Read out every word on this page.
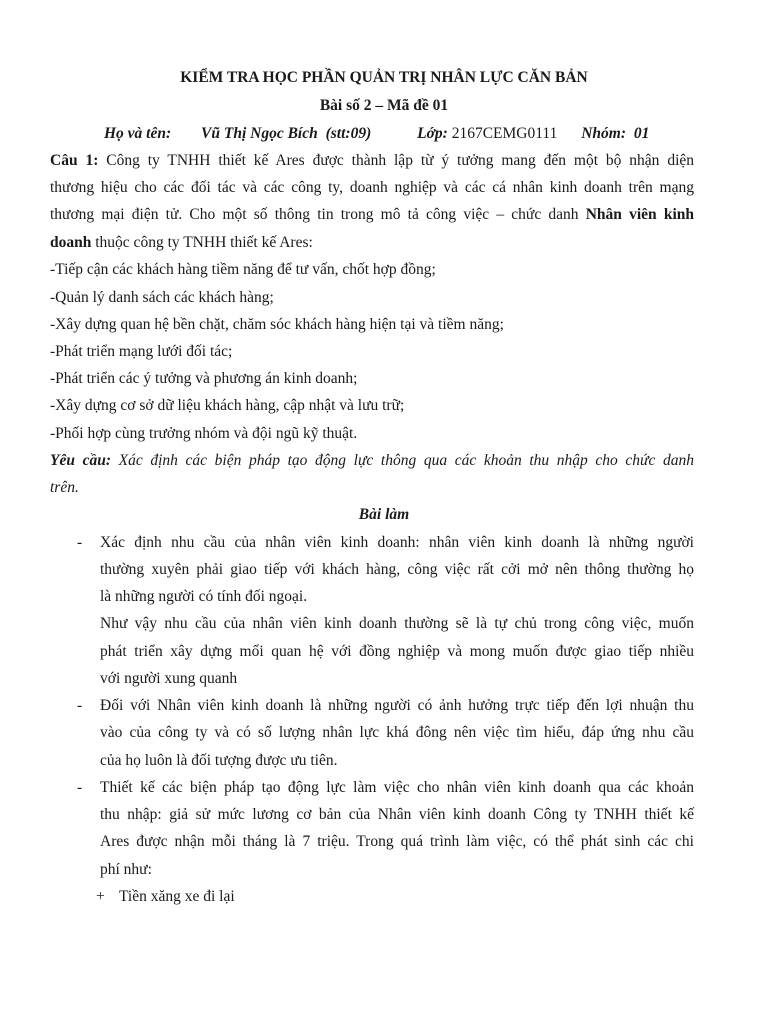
KIỂM TRA HỌC PHẦN QUẢN TRỊ NHÂN LỰC CĂN BẢN
Bài số 2 – Mã đề 01
Họ và tên: Vũ Thị Ngọc Bích (stt:09)	Lớp: 2167CEMG0111 Nhóm: 01
Câu 1: Công ty TNHH thiết kế Ares được thành lập từ ý tưởng mang đến một bộ nhận diện
thương hiệu cho các đối tác và các công ty, doanh nghiệp và các cá nhân kinh doanh trên mạng
thương mại điện tử. Cho một số thông tin trong mô tả công việc – chức danh Nhân viên kinh
doanh thuộc công ty TNHH thiết kế Ares:
-Tiếp cận các khách hàng tiềm năng để tư vấn, chốt hợp đồng;
-Quản lý danh sách các khách hàng;
-Xây dựng quan hệ bền chặt, chăm sóc khách hàng hiện tại và tiềm năng;
-Phát triển mạng lưới đối tác;
-Phát triển các ý tưởng và phương án kinh doanh;
-Xây dựng cơ sở dữ liệu khách hàng, cập nhật và lưu trữ;
-Phối hợp cùng trưởng nhóm và đội ngũ kỹ thuật.
Yêu cầu: Xác định các biện pháp tạo động lực thông qua các khoản thu nhập cho chức danh
trên.
Bài làm
- Xác định nhu cầu của nhân viên kinh doanh: nhân viên kinh doanh là những người
thường xuyên phải giao tiếp với khách hàng, công việc rất cởi mở nên thông thường họ
là những người có tính đối ngoại.
Như vậy nhu cầu của nhân viên kinh doanh thường sẽ là tự chủ trong công việc, muốn
phát triển xây dựng mối quan hệ với đồng nghiệp và mong muốn được giao tiếp nhiều
với người xung quanh
- Đối với Nhân viên kinh doanh là những người có ảnh hưởng trực tiếp đến lợi nhuận thu
vào của công ty và có số lượng nhân lực khá đông nên việc tìm hiểu, đáp ứng nhu cầu
của họ luôn là đối tượng được ưu tiên.
- Thiết kế các biện pháp tạo động lực làm việc cho nhân viên kinh doanh qua các khoản
thu nhập: giả sử mức lương cơ bản của Nhân viên kinh doanh Công ty TNHH thiết kế
Ares được nhận mỗi tháng là 7 triệu. Trong quá trình làm việc, có thể phát sinh các chi
phí như:
+ Tiền xăng xe đi lại
